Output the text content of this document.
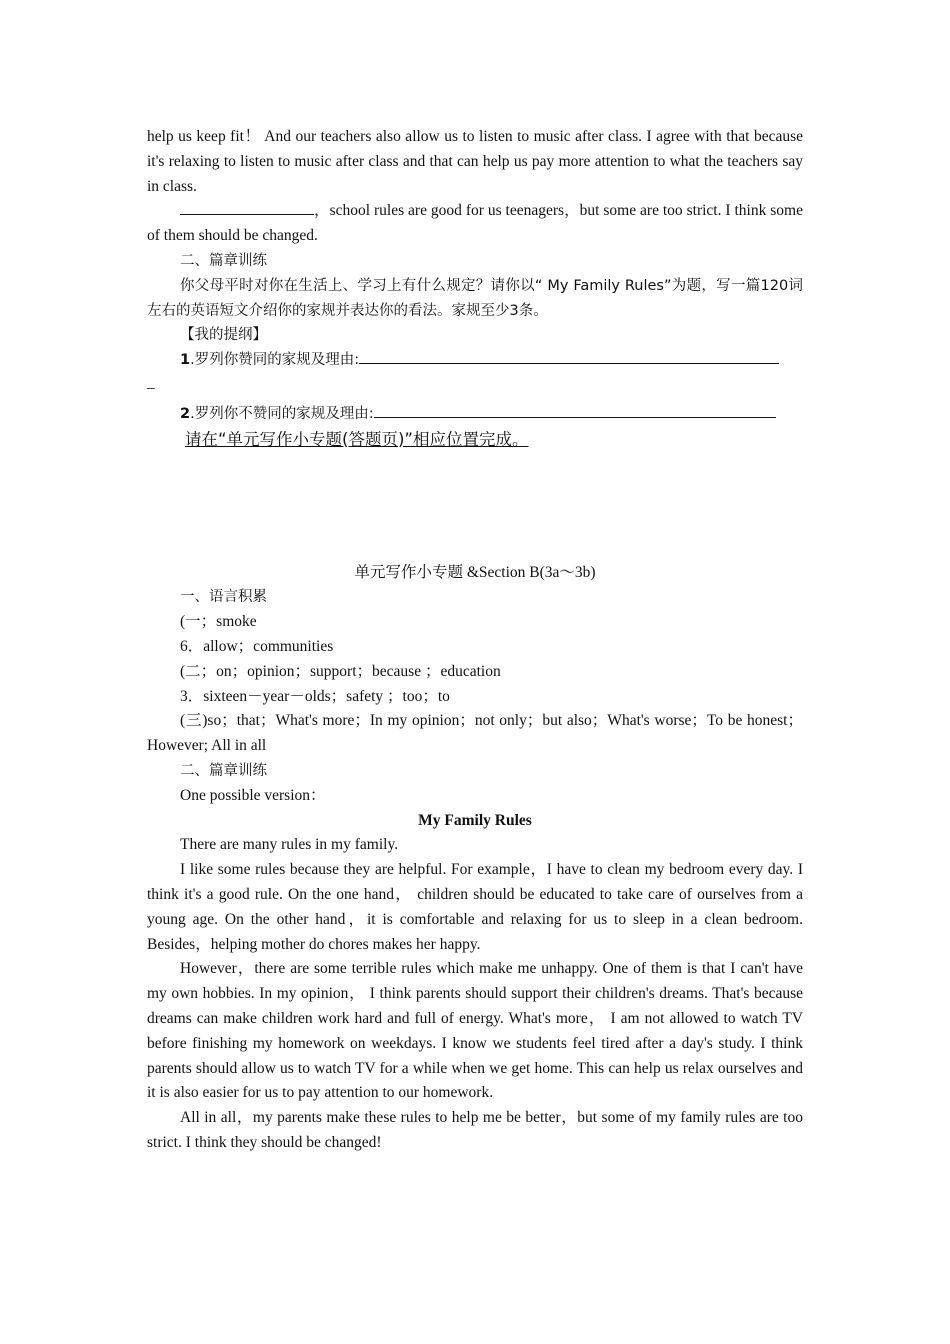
help us keep fit！ And our teachers also allow us to listen to music after class. I agree with that because it's relaxing to listen to music after class and that can help us pay more attention to what the teachers say in class.

，school rules are good for us teenagers，but some are too strict. I think some of them should be changed.

二、篇章训练

你父母平时对你在生活上、学习上有什么规定？请你以“ My Family Rules”为题，写一篇120词左右的英语短文介绍你的家规并表达你的看法。家规至少3条。

【我的提纲】

1.罗列你赞同的家规及理由:

_

2.罗列你不赞同的家规及理由:

请在“单元写作小专题(答题页)”相应位置完成。

单元写作小专题 &Section B(3a～3b)

一、语言积累

(一；smoke

6．allow；communities

(二；on；opinion；support；because ；education

3．sixteen－year－olds；safety ；too；to

(三)so；that；What's more；In my opinion；not only；but also；What's worse；To be honest；However; All in all

二、篇章训练

One possible version：

My Family Rules

There are many rules in my family.

I like some rules because they are helpful. For example，I have to clean my bedroom every day. I think it's a good rule. On the one hand， children should be educated to take care of ourselves from a young age. On the other hand，it is comfortable and relaxing for us to sleep in a clean bedroom. Besides，helping mother do chores makes her happy.

However，there are some terrible rules which make me unhappy. One of them is that I can't have my own hobbies. In my opinion， I think parents should support their children's dreams. That's because dreams can make children work hard and full of energy. What's more， I am not allowed to watch TV before finishing my homework on weekdays. I know we students feel tired after a day's study. I think parents should allow us to watch TV for a while when we get home. This can help us relax ourselves and it is also easier for us to pay attention to our homework.

All in all，my parents make these rules to help me be better，but some of my family rules are too strict. I think they should be changed!
